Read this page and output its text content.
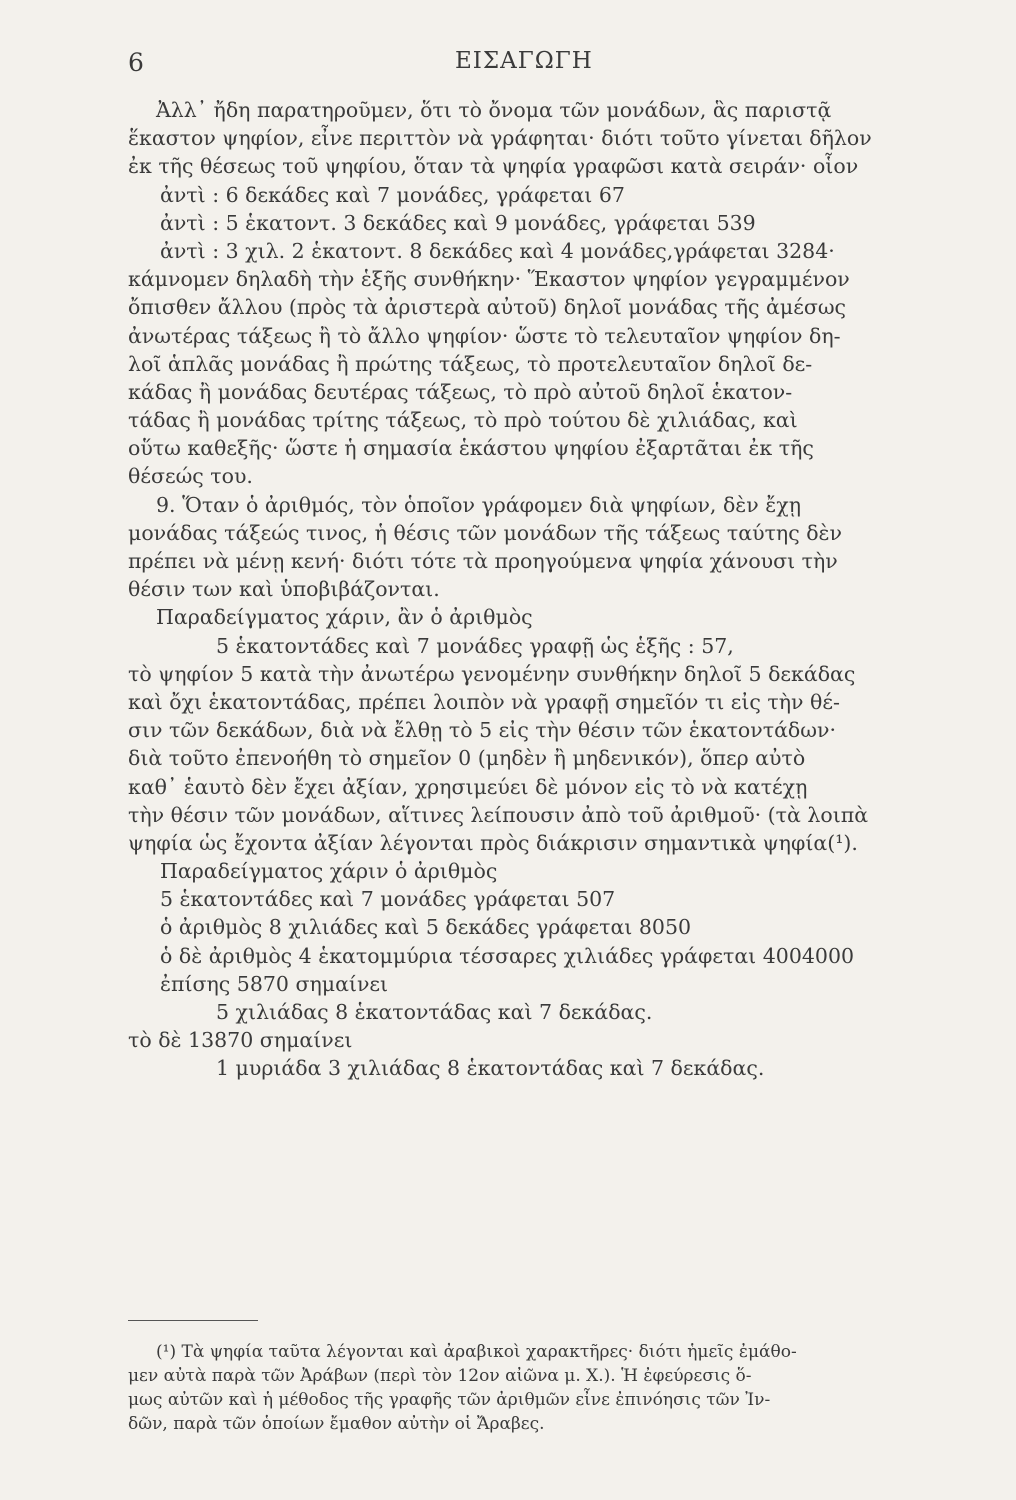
6	ΕΙΣΑΓΩΓΗ
Ἀλλ᾽ ἤδη παρατηροῦμεν, ὅτι τὸ ὄνομα τῶν μονάδων, ἃς παριστᾷ
ἕκαστον ψηφίον, εἶνε περιττὸν νὰ γράφηται· διότι τοῦτο γίνεται δῆλον
ἐκ τῆς θέσεως τοῦ ψηφίου, ὅταν τὰ ψηφία γραφῶσι κατὰ σειράν· οἷον
ἀντὶ : 6 δεκάδες καὶ 7 μονάδες, γράφεται 67
ἀντὶ : 5 ἑκατοντ. 3 δεκάδες καὶ 9 μονάδες, γράφεται 539
ἀντὶ : 3 χιλ. 2 ἑκατοντ. 8 δεκάδες καὶ 4 μονάδες,γράφεται 3284·
κάμνομεν δηλαδὴ τὴν ἑξῆς συνθήκην· Ἕκαστον ψηφίον γεγραμμένον
ὄπισθεν ἄλλου (πρὸς τὰ ἀριστερὰ αὐτοῦ) δηλοῖ μονάδας τῆς ἀμέσως
ἀνωτέρας τάξεως ἢ τὸ ἄλλο ψηφίον· ὥστε τὸ τελευταῖον ψηφίον δη-
λοῖ ἁπλᾶς μονάδας ἢ πρώτης τάξεως, τὸ προτελευταῖον δηλοῖ δε-
κάδας ἢ μονάδας δευτέρας τάξεως, τὸ πρὸ αὐτοῦ δηλοῖ ἑκατον-
τάδας ἢ μονάδας τρίτης τάξεως, τὸ πρὸ τούτου δὲ χιλιάδας, καὶ
οὕτω καθεξῆς· ὥστε ἡ σημασία ἑκάστου ψηφίου ἐξαρτᾶται ἐκ τῆς
θέσεώς του.
9. Ὅταν ὁ ἀριθμός, τὸν ὁποῖον γράφομεν διὰ ψηφίων, δὲν ἔχῃ
μονάδας τάξεώς τινος, ἡ θέσις τῶν μονάδων τῆς τάξεως ταύτης δὲν
πρέπει νὰ μένῃ κενή· διότι τότε τὰ προηγούμενα ψηφία χάνουσι τὴν
θέσιν των καὶ ὑποβιβάζονται.
Παραδείγματος χάριν, ἂν ὁ ἀριθμὸς
5 ἑκατοντάδες καὶ 7 μονάδες γραφῇ ὡς ἑξῆς : 57,
τὸ ψηφίον 5 κατὰ τὴν ἀνωτέρω γενομένην συνθήκην δηλοῖ 5 δεκάδας
καὶ ὄχι ἑκατοντάδας, πρέπει λοιπὸν νὰ γραφῇ σημεῖόν τι εἰς τὴν θέ-
σιν τῶν δεκάδων, διὰ νὰ ἔλθῃ τὸ 5 εἰς τὴν θέσιν τῶν ἑκατοντάδων·
διὰ τοῦτο ἐπενοήθη τὸ σημεῖον 0 (μηδὲν ἢ μηδενικόν), ὅπερ αὐτὸ
καθ᾽ ἑαυτὸ δὲν ἔχει ἀξίαν, χρησιμεύει δὲ μόνον εἰς τὸ νὰ κατέχῃ
τὴν θέσιν τῶν μονάδων, αἵτινες λείπουσιν ἀπὸ τοῦ ἀριθμοῦ· (τὰ λοιπὰ
ψηφία ὡς ἔχοντα ἀξίαν λέγονται πρὸς διάκρισιν σημαντικὰ ψηφία(¹).
Παραδείγματος χάριν ὁ ἀριθμὸς
5 ἑκατοντάδες καὶ 7 μονάδες γράφεται 507
ὁ ἀριθμὸς 8 χιλιάδες καὶ 5 δεκάδες γράφεται 8050
ὁ δὲ ἀριθμὸς 4 ἑκατομμύρια τέσσαρες χιλιάδες γράφεται 4004000
ἐπίσης 5870 σημαίνει
5 χιλιάδας 8 ἑκατοντάδας καὶ 7 δεκάδας.
τὸ δὲ 13870 σημαίνει
1 μυριάδα 3 χιλιάδας 8 ἑκατοντάδας καὶ 7 δεκάδας.
(¹) Τὰ ψηφία ταῦτα λέγονται καὶ ἀραβικοὶ χαρακτῆρες· διότι ἡμεῖς ἐμάθο-
μεν αὐτὰ παρὰ τῶν Ἀράβων (περὶ τὸν 12ον αἰῶνα μ. Χ.). Ἡ ἐφεύρεσις ὅ-
μως αὐτῶν καὶ ἡ μέθοδος τῆς γραφῆς τῶν ἀριθμῶν εἶνε ἐπινόησις τῶν Ἰν-
δῶν, παρὰ τῶν ὁποίων ἔμαθον αὐτὴν οἱ Ἄραβες.
